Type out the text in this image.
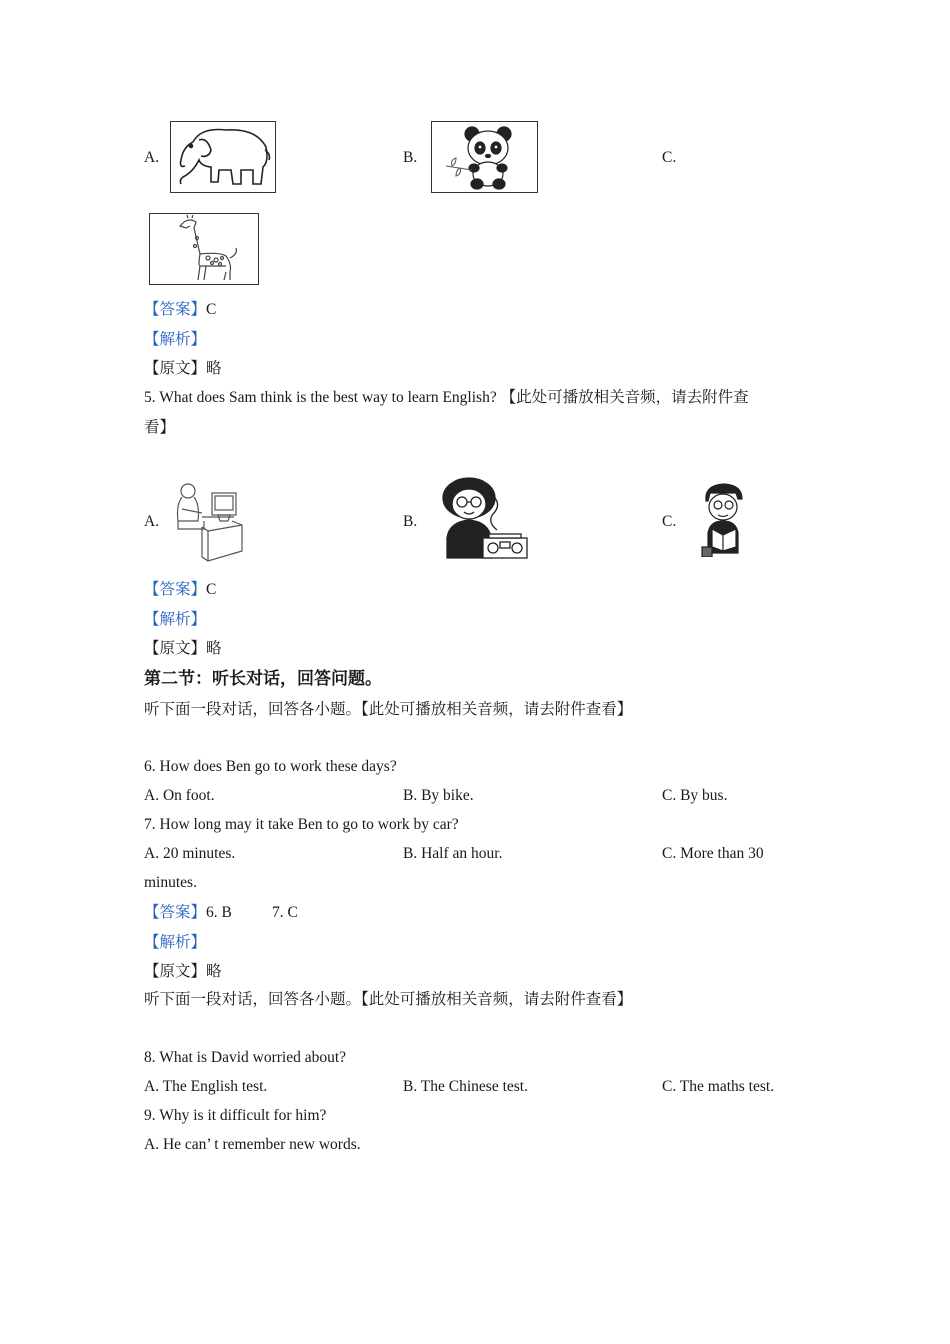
A.	B.	C.
【答案】C
【解析】
【原文】略
5. What does Sam think is the best way to learn English? 【此处可播放相关音频，请去附件查
看】
A.	B.	C.
【答案】C
【解析】
【原文】略
第二节：听长对话，回答问题。
听下面一段对话，回答各小题。【此处可播放相关音频，请去附件查看】
6. How does Ben go to work these days?
A. On foot.	B. By bike.	C. By bus.
7. How long may it take Ben to go to work by car?
A. 20 minutes.	B. Half an hour.	C. More than 30
minutes.
【答案】6. B	7. C
【解析】
【原文】略
听下面一段对话，回答各小题。【此处可播放相关音频，请去附件查看】
8. What is David worried about?
A. The English test.	B. The Chinese test.	C. The maths test.
9. Why is it difficult for him?
A. He can’ t remember new words.
